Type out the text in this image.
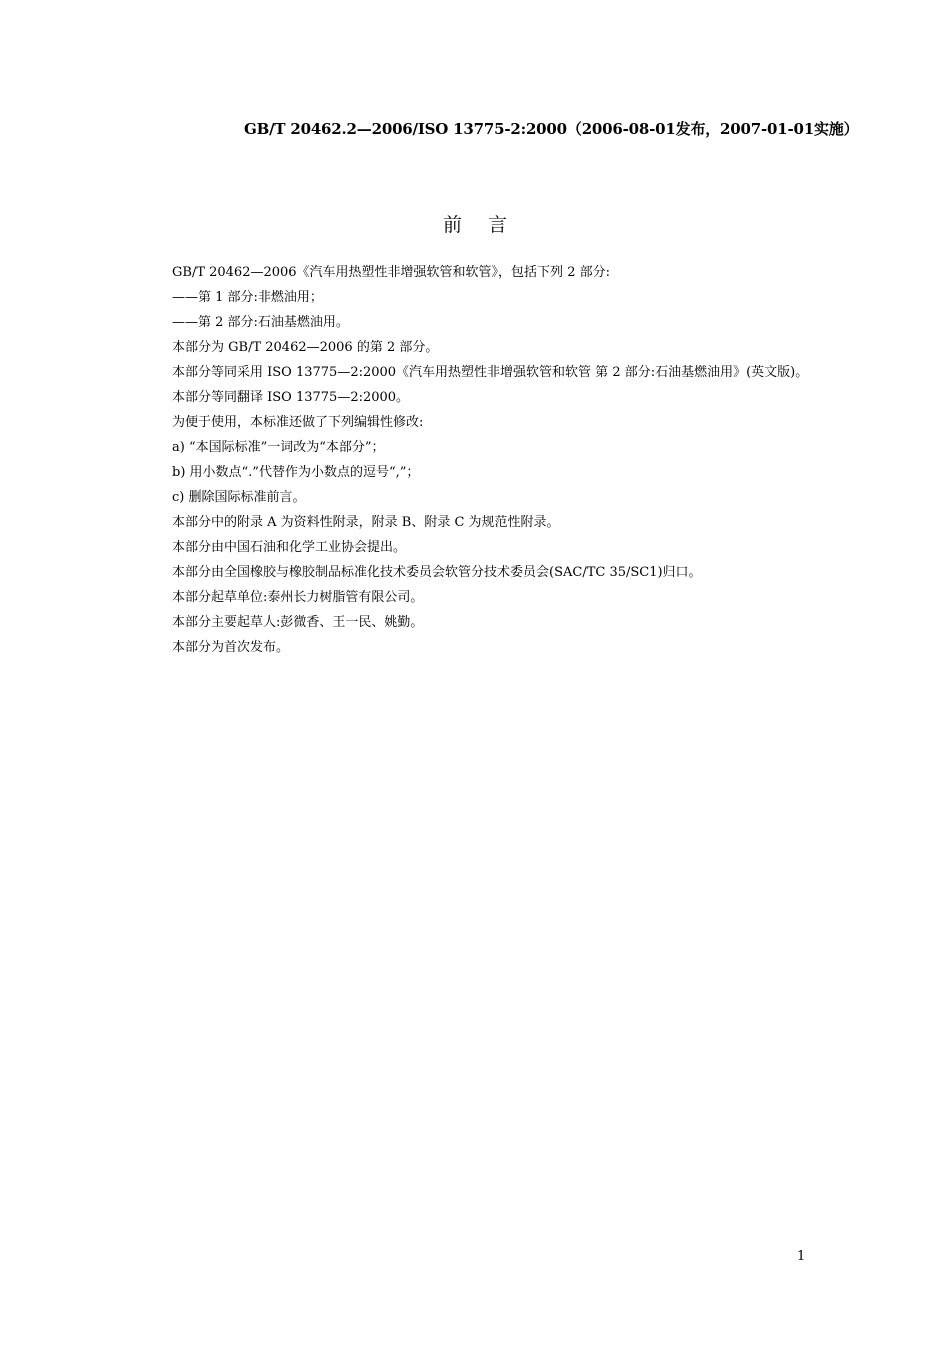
GB/T 20462.2—2006/ISO 13775-2:2000（2006-08-01发布，2007-01-01实施）
前言

GB/T 20462—2006《汽车用热塑性非增强软管和软管》，包括下列 2 部分:

——第 1 部分:非燃油用；

——第 2 部分:石油基燃油用。

本部分为 GB/T 20462—2006 的第 2 部分。

本部分等同采用 ISO 13775—2:2000《汽车用热塑性非增强软管和软管 第 2 部分:石油基燃油用》(英文版)。

本部分等同翻译 ISO 13775—2:2000。

为便于使用，本标准还做了下列编辑性修改:

a) “本国际标准”一词改为“本部分”；

b) 用小数点“.”代替作为小数点的逗号“,”；

c) 删除国际标准前言。

本部分中的附录 A 为资料性附录，附录 B、附录 C 为规范性附录。

本部分由中国石油和化学工业协会提出。

本部分由全国橡胶与橡胶制品标准化技术委员会软管分技术委员会(SAC/TC 35/SC1)归口。

本部分起草单位:泰州长力树脂管有限公司。

本部分主要起草人:彭微香、王一民、姚勤。

本部分为首次发布。

1
